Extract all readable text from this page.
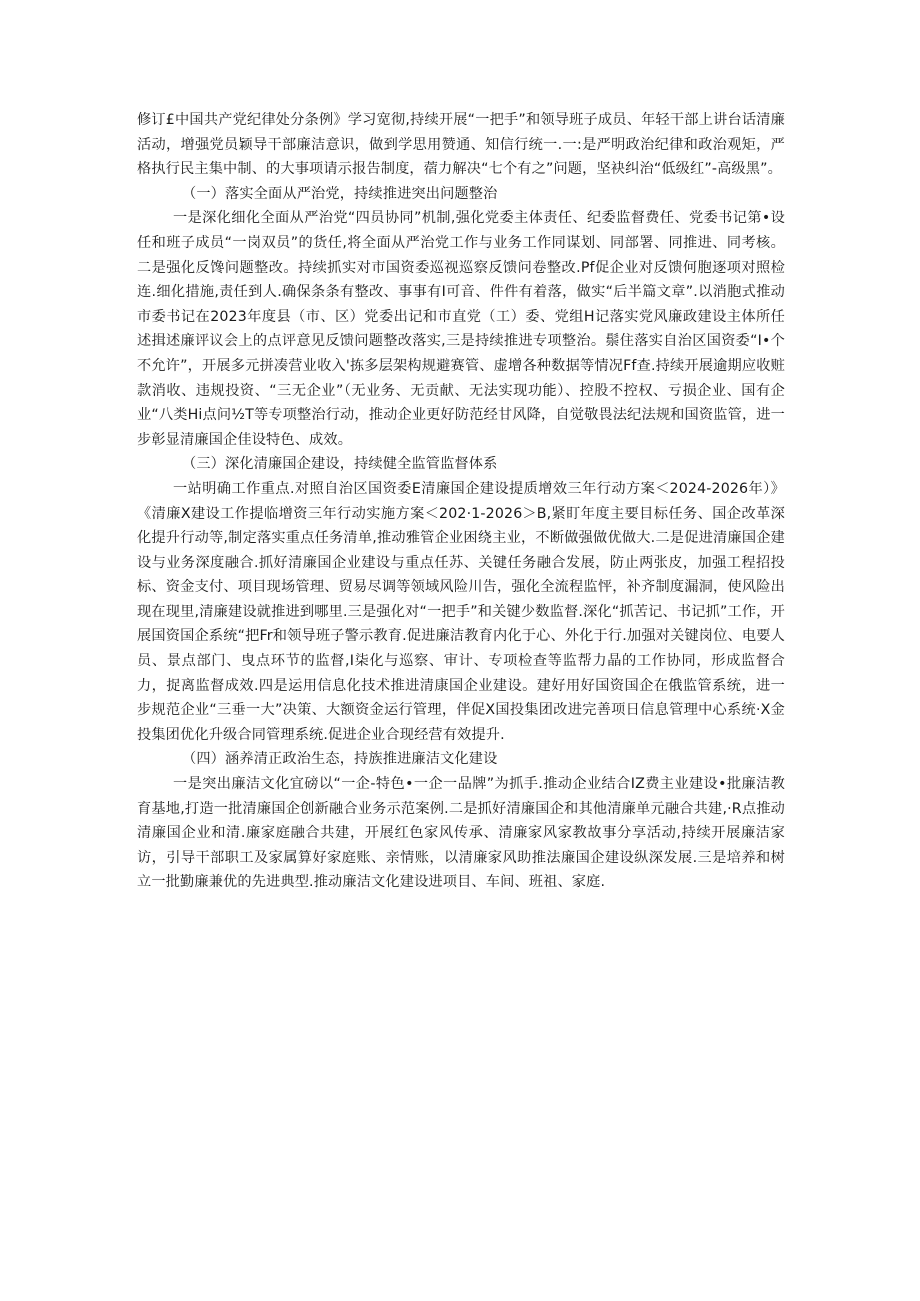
修订£中国共产党纪律处分条例》学习宽彻,持续开展“一把手”和领导班子成员、年轻干部上讲台话清廉活动，增强党员颖导干部廉洁意识，做到学思用赞通、知信行统一.一:是严明政治纪律和政治观矩，严格执行民主集中制、的大事项请示报告制度，蓿力解决“七个有之”问题，坚袂纠治“低级红”-高级黑”。

（一）落实全面从严治党，持续推进突出问题整治

一是深化细化全面从严治党“四员协同”机制,强化党委主体责任、纪委监督费任、党委书记第•设任和班子成员“一岗双员”的货任,将全面从严治党工作与业务工作同谋划、同部署、同推进、同考核。二是强化反馋问题整改。持续抓实对市国资委巡视巡察反馈问卷整改.Pf促企业对反馈何胞逐项对照检连.细化措施,责任到人.确保条条有整改、事事有I可音、件件有着落，做实“后半篇文章”.以消胞式推动市委书记在2023年度县（市、区）党委出记和市直党（工）委、党组H记落实党风廉政建设主体所任述揖述廉评议会上的点评意见反馈问题整改落实,三是持续推进专项整治。鬃住落实自治区国资委“I•个不允许”，开展多元拼凑营业收入'拣多层架构规避赛管、虚增各种数据等情况Ff查.持续开展逾期应收赃款消收、违规投资、“三无企业”（无业务、无贡献、无法实现功能）、控股不控权、亏损企业、国有企业“八类Hi点问½T等专项整治行动，推动企业更好防范经甘风降，自觉敬畏法纪法规和国资监管，进一步彰显清廉国企佳设特色、成效。

（三）深化清廉国企建设，持续健全监管监督体系

一站明确工作重点.对照自治区国资委E清廉国企建设提质增效三年行动方案＜2024-2026年）》《清廉X建设工作提临增资三年行动实施方案＜202·1-2026＞B,紧盯年度主要目标任务、国企改革深化提升行动等,制定落实重点任务清单,推动雅管企业困绕主业，不断做强做优做大.二是促进清廉国企建设与业务深度融合.抓好清廉国企业建设与重点任苏、关键任务融合发展，防止两张皮，加强工程招投标、资金支付、项目现场管理、贸易尽调等领域风险川告，强化全流程监怦，补齐制度漏洞，使风险出现在现里,清廉建设就推进到哪里.三是强化对“一把手”和关键少数监督.深化“抓苦记、书记抓”工作，开展国资国企系统“把Fr和领导班子警示教育.促进廉洁教育内化于心、外化于行.加强对关键岗位、电要人员、景点部门、曳点环节的监督,I柒化与巡察、审计、专项检查等监帮力晶的工作协同，形成监督合力，捉离监督成效.四是运用信息化技术推进清康国企业建设。建好用好国资国企在俄监管系统，进一步规范企业“三垂一大”决策、大额资金运行管理，伴促X国投集团改进完善项日信息管理中心系统·X金投集团优化升级合同管理系统.促进企业合现经营有效提升.

（四）涵养清正政治生态，持族推进廉洁文化建设

一是突出廉洁文化宜磅以“一企-特色•一企一品牌”为抓手.推动企业结合IZ费主业建设•批廉洁教育基地,打造一批清廉国企创新融合业务示范案例.二是抓好清廉国企和其他清廉单元融合共建,·R点推动清廉国企业和清.廉家庭融合共建，开展红色家风传承、清廉家风家教故事分享活动,持续开展廉洁家访，引导干部职工及家属算好家庭账、亲情账，以清廉家风助推法廉国企建设纵深发展.三是培养和树立一批勤廉兼优的先进典型.推动廉洁文化建设进项目、车间、班祖、家庭.
